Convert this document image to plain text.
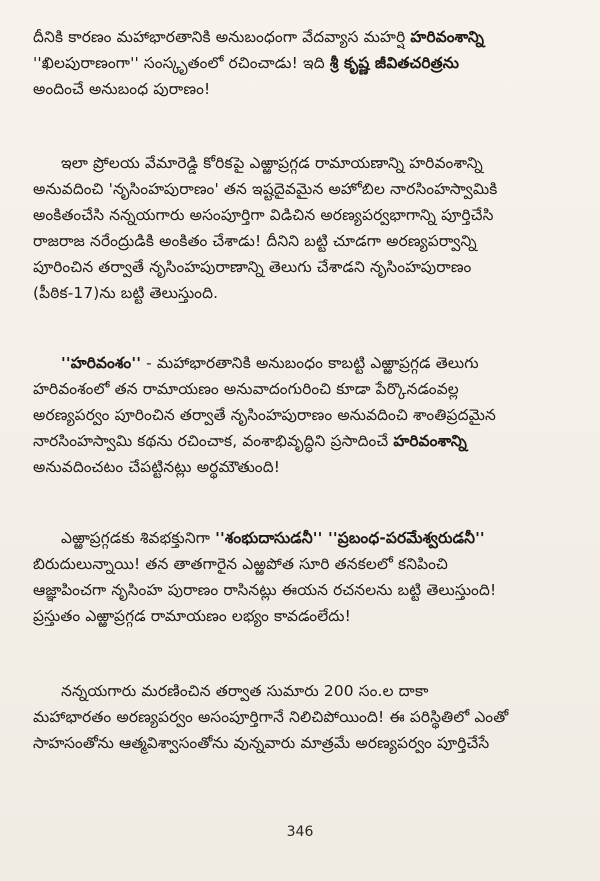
దీనికి కారణం మహాభారతానికి అనుబంధంగా వేదవ్యాస మహర్షి హరివంశాన్ని
''ఖిలపురాణంగా'' సంస్కృతంలో రచించాడు! ఇది శ్రీ కృష్ణ జీవితచరిత్రను
అందించే అనుబంధ పురాణం!
ఇలా ప్రోలయ వేమారెడ్డి కోరికపై ఎఱ్ఱాప్రగ్గడ రామాయణాన్ని హరివంశాన్ని
అనువదించి 'నృసింహపురాణం' తన ఇష్టదైవమైన అహోబిల నారసింహస్వామికి
అంకితంచేసి నన్నయగారు అసంపూర్తిగా విడిచిన అరణ్యపర్వభాగాన్ని పూర్తిచేసి
రాజరాజ నరేంద్రుడికి అంకితం చేశాడు! దీనిని బట్టి చూడగా అరణ్యపర్వాన్ని
పూరించిన తర్వాతే నృసింహపురాణాన్ని తెలుగు చేశాడని నృసింహపురాణం
(పీఠిక-17)ను బట్టి తెలుస్తుంది.
''హరివంశం'' - మహాభారతానికి అనుబంధం కాబట్టి ఎఱ్ఱాప్రగ్గడ తెలుగు
హరివంశంలో తన రామాయణం అనువాదంగురించి కూడా పేర్కొనడంవల్ల
అరణ్యపర్వం పూరించిన తర్వాతే నృసింహపురాణం అనువదించి శాంతిప్రదమైన
నారసింహస్వామి కథను రచించాక, వంశాభివృద్ధిని ప్రసాదించే హరివంశాన్ని
అనువదించటం చేపట్టినట్లు అర్థమౌతుంది!
ఎఱ్ఱాప్రగ్గడకు శివభక్తునిగా ''శంభుదాసుడనీ'' ''ప్రబంధ-పరమేశ్వరుడనీ''
బిరుదులున్నాయి! తన తాతగారైన ఎఱ్ఱపోత సూరి తనకలలో కనిపించి
ఆజ్ఞాపించగా నృసింహ పురాణం రాసినట్లు ఈయన రచనలను బట్టి తెలుస్తుంది!
ప్రస్తుతం ఎఱ్ఱాప్రగ్గడ రామాయణం లభ్యం కావడంలేదు!
నన్నయగారు మరణించిన తర్వాత సుమారు 200 సం.ల దాకా
మహాభారతం అరణ్యపర్వం అసంపూర్తిగానే నిలిచిపోయింది! ఈ పరిస్థితిలో ఎంతో
సాహసంతోను ఆత్మవిశ్వాసంతోను వున్నవారు మాత్రమే అరణ్యపర్వం పూర్తిచేసే
346
